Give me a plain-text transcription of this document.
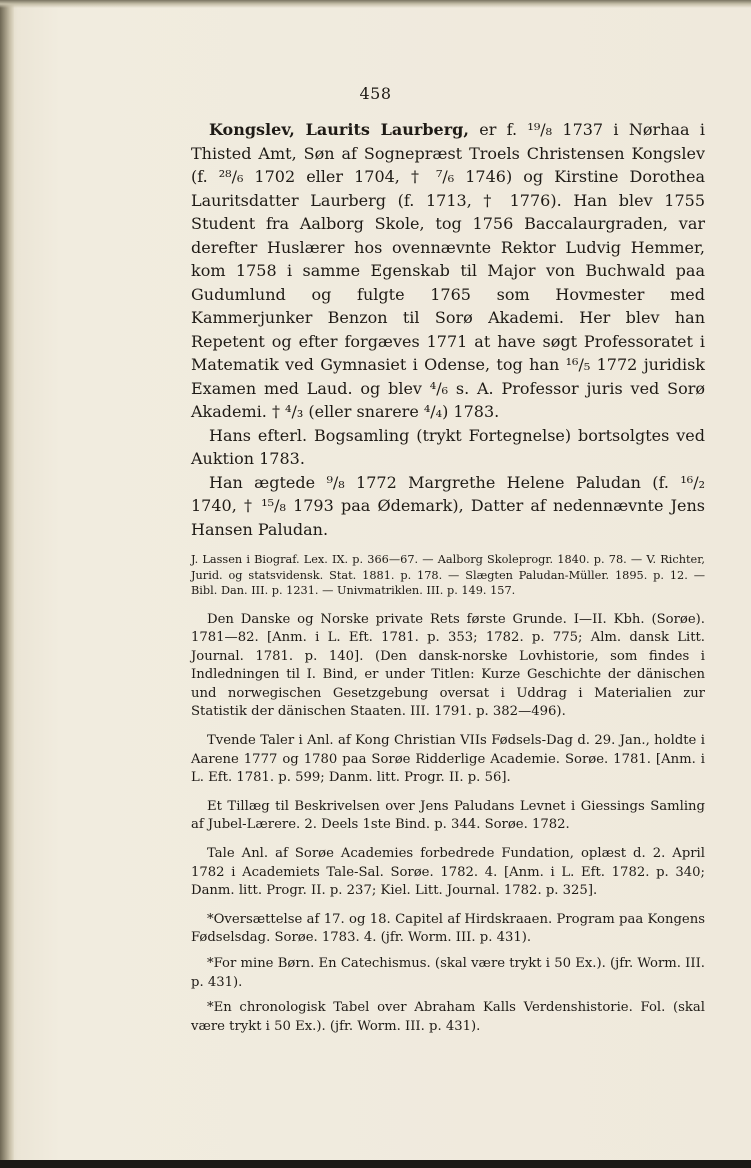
458

Kongslev, Laurits Laurberg, er f. ¹⁹/₈ 1737 i Nørhaa i Thisted Amt, Søn af Sognepræst Troels Christensen Kongslev (f. ²⁸/₆ 1702 eller 1704, † ⁷/₆ 1746) og Kirstine Dorothea Lauritsdatter Laurberg (f. 1713, † 1776). Han blev 1755 Student fra Aalborg Skole, tog 1756 Baccalaurgraden, var derefter Huslærer hos ovennævnte Rektor Ludvig Hemmer, kom 1758 i samme Egenskab til Major von Buchwald paa Gudumlund og fulgte 1765 som Hovmester med Kammerjunker Benzon til Sorø Akademi. Her blev han Repetent og efter forgæves 1771 at have søgt Professoratet i Matematik ved Gymnasiet i Odense, tog han ¹⁶/₅ 1772 juridisk Examen med Laud. og blev ⁴/₆ s. A. Professor juris ved Sorø Akademi. † ⁴/₃ (eller snarere ⁴/₄) 1783.

Hans efterl. Bogsamling (trykt Fortegnelse) bortsolgtes ved Auktion 1783.

Han ægtede ⁹/₈ 1772 Margrethe Helene Paludan (f. ¹⁶/₂ 1740, † ¹⁵/₈ 1793 paa Ødemark), Datter af nedennævnte Jens Hansen Paludan.

J. Lassen i Biograf. Lex. IX. p. 366—67. — Aalborg Skoleprogr. 1840. p. 78. — V. Richter, Jurid. og statsvidensk. Stat. 1881. p. 178. — Slægten Paludan-Müller. 1895. p. 12. — Bibl. Dan. III. p. 1231. — Univmatriklen. III. p. 149. 157.

Den Danske og Norske private Rets første Grunde. I—II. Kbh. (Sorøe). 1781—82. [Anm. i L. Eft. 1781. p. 353; 1782. p. 775; Alm. dansk Litt. Journal. 1781. p. 140]. (Den dansk-norske Lovhistorie, som findes i Indledningen til I. Bind, er under Titlen: Kurze Geschichte der dänischen und norwegischen Gesetzgebung oversat i Uddrag i Materialien zur Statistik der dänischen Staaten. III. 1791. p. 382—496).

Tvende Taler i Anl. af Kong Christian VIIs Fødsels-Dag d. 29. Jan., holdte i Aarene 1777 og 1780 paa Sorøe Ridderlige Academie. Sorøe. 1781. [Anm. i L. Eft. 1781. p. 599; Danm. litt. Progr. II. p. 56].

Et Tillæg til Beskrivelsen over Jens Paludans Levnet i Giessings Samling af Jubel-Lærere. 2. Deels 1ste Bind. p. 344. Sorøe. 1782.

Tale Anl. af Sorøe Academies forbedrede Fundation, oplæst d. 2. April 1782 i Academiets Tale-Sal. Sorøe. 1782. 4. [Anm. i L. Eft. 1782. p. 340; Danm. litt. Progr. II. p. 237; Kiel. Litt. Journal. 1782. p. 325].

*Oversættelse af 17. og 18. Capitel af Hirdskraaen. Program paa Kongens Fødselsdag. Sorøe. 1783. 4. (jfr. Worm. III. p. 431).

*For mine Børn. En Catechismus. (skal være trykt i 50 Ex.). (jfr. Worm. III. p. 431).

*En chronologisk Tabel over Abraham Kalls Verdenshistorie. Fol. (skal være trykt i 50 Ex.). (jfr. Worm. III. p. 431).
